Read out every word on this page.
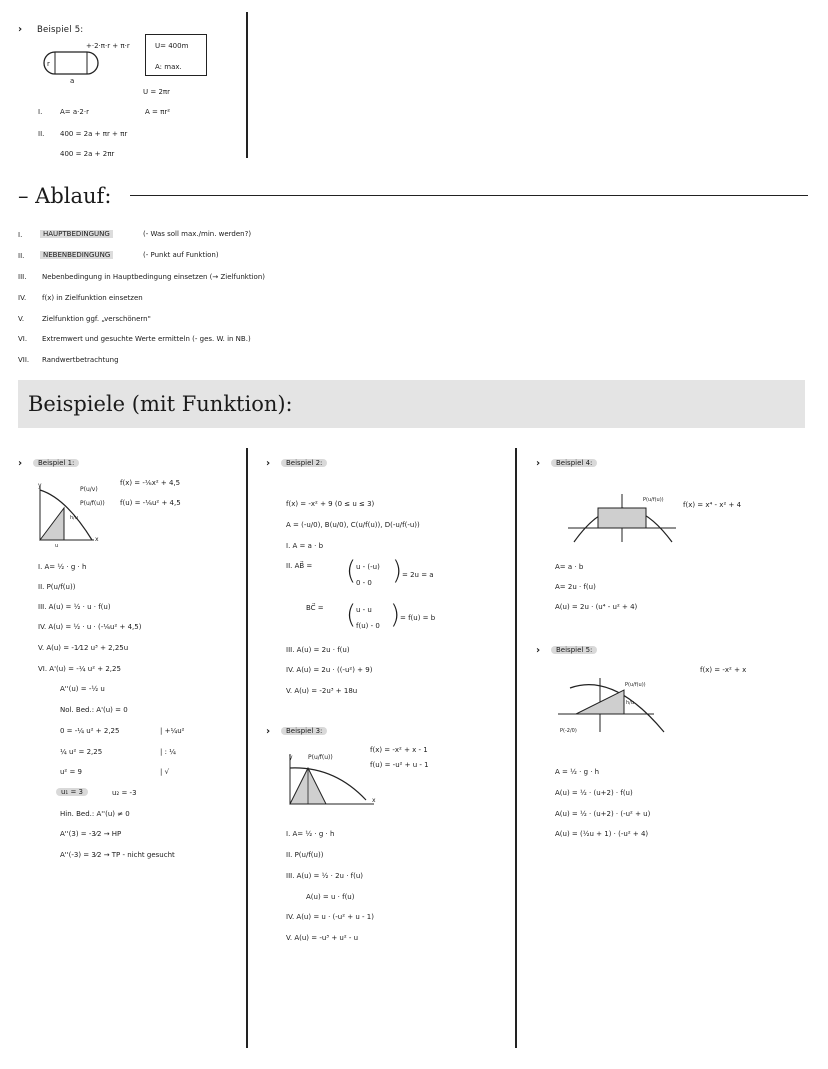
› Beispiel 5:
+·2·π·r + π·r
r
a
U= 400m
A: max.
U = 2πr
I.	A= a·2·r	A = πr²
II. 400 = 2a + πr + πr
400 = 2a + 2πr
– Ablauf:
I.	HAUPTBEDINGUNG	(- Was soll max./min. werden?)
II.	NEBENBEDINGUNG	(- Punkt auf Funktion)
III. Nebenbedingung in Hauptbedingung einsetzen (→ Zielfunktion)
IV. f(x) in Zielfunktion einsetzen
V.	Zielfunktion ggf. „verschönern"
VI. Extremwert und gesuchte Werte ermitteln (- ges. W. in NB.)
VII. Randwertbetrachtung
Beispiele (mit Funktion):
›	Beispiel 1:
y
x
h/u
u
P(u/v)
P(u/f(u))
f(x) = -⅙x² + 4,5
f(u) = -⅙u² + 4,5
I. A= ½ · g · h
II. P(u/f(u))
III. A(u) = ½ · u · f(u)
IV. A(u) = ½ · u · (-⅙u² + 4,5)
V. A(u) = -1⁄12 u³ + 2,25u
VI. A'(u) = -¼ u² + 2,25
A''(u) = -½ u
Nol. Bed.: A'(u) = 0
0 = -¼ u² + 2,25
¼ u² = 2,25
u² = 9
| +¼u²
| : ¼
| √
u₁ = 3	u₂ = -3
Hin. Bed.: A''(u) ≠ 0
A''(3) = -3⁄2 → HP
A''(-3) = 3⁄2 → TP - nicht gesucht
›	Beispiel 2:
f(x) = -x² + 9 (0 ≤ u ≤ 3)
A = (-u/0), B(u/0), C(u/f(u)), D(-u/f(-u))
I. A = a · b
II. AB⃗ = ( u - (-u)
0 - 0 ) = 2u = a
BC⃗ = ( u - u
f(u) - 0 ) = f(u) = b
III. A(u) = 2u · f(u)
IV. A(u) = 2u · ((-u²) + 9)
V. A(u) = -2u³ + 18u
›	Beispiel 3:
y
x
P(u/f(u))
f(x) = -x² + x - 1
f(u) = -u² + u - 1
I. A= ½ · g · h
II. P(u/f(u))
III. A(u) = ½ · 2u · f(u)
A(u) = u · f(u)
IV. A(u) = u · (-u² + u - 1)
V. A(u) = -u³ + u² - u
›	Beispiel 4:
P(u/f(u))
f(x) = x⁴ - x² + 4
A= a · b
A= 2u · f(u)
A(u) = 2u · (u⁴ - u² + 4)
›	Beispiel 5:
f(x) = -x² + x
P(u/f(u))
P(-2/0)
h/u
A = ½ · g · h
A(u) = ½ · (u+2) · f(u)
A(u) = ½ · (u+2) · (-u² + u)
A(u) = (½u + 1) · (-u² + 4)
